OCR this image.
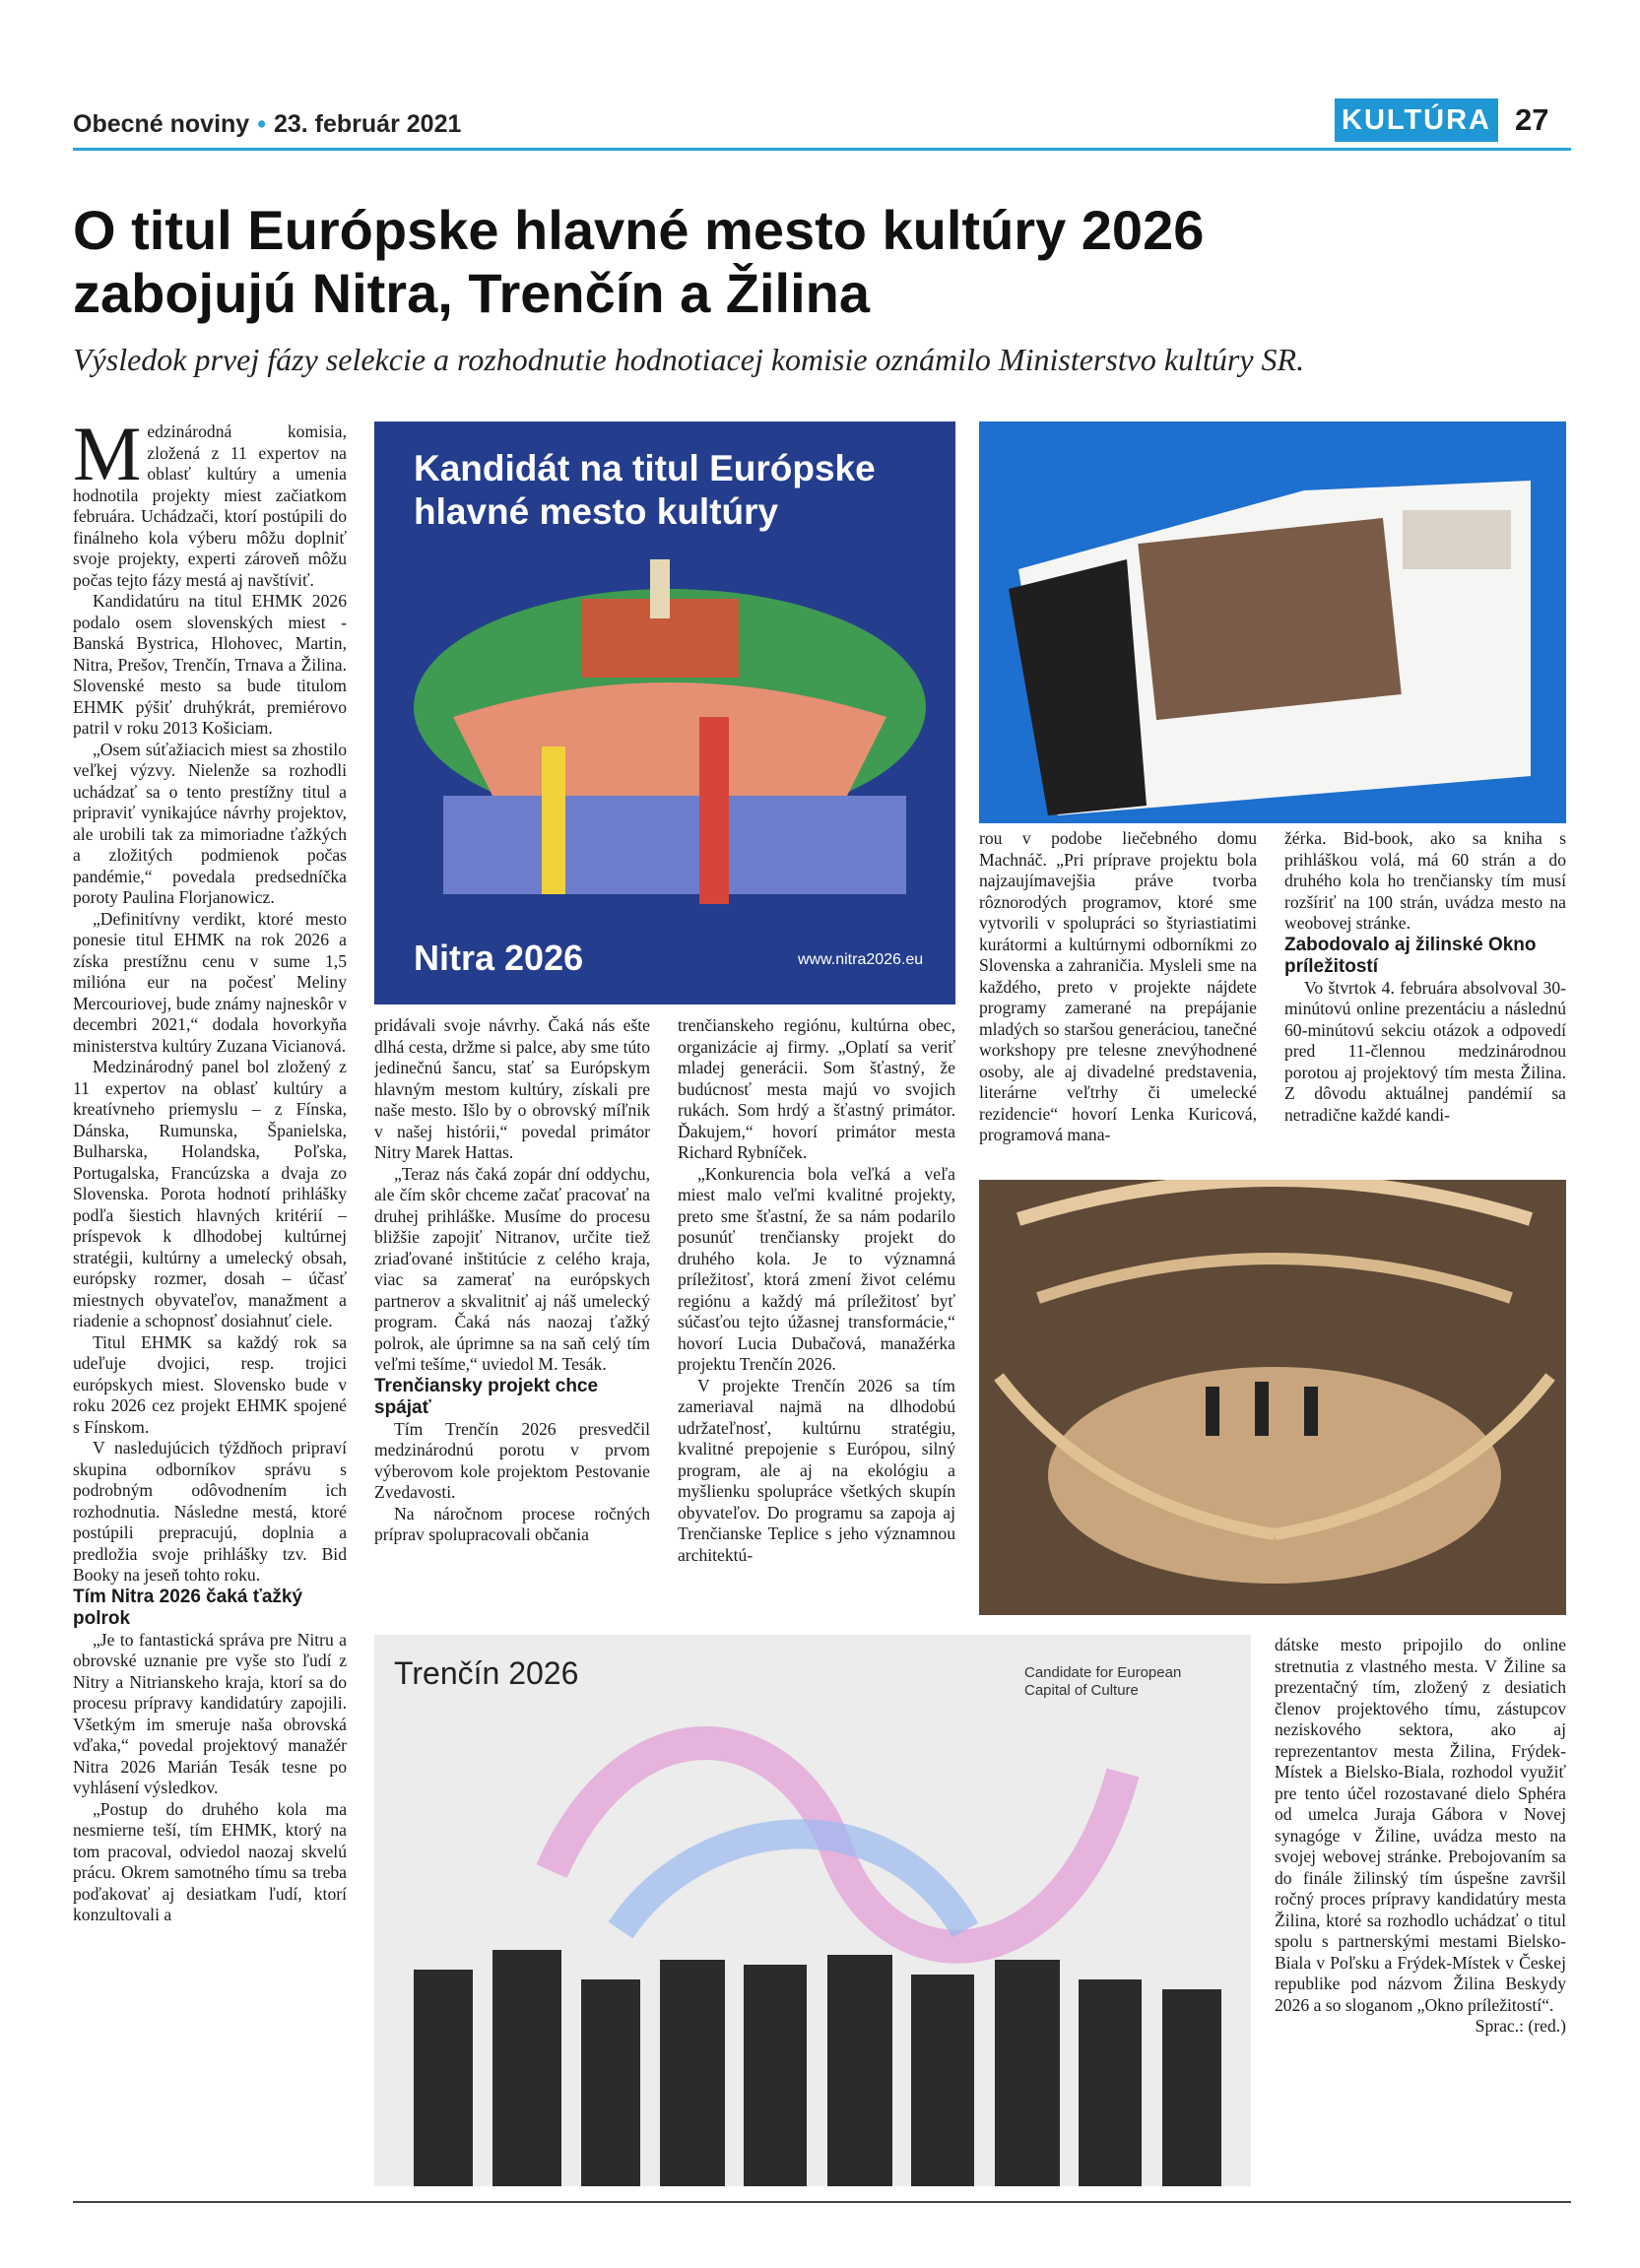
Obecné noviny • 23. február 2021	KULTÚRA 27
O titul Európske hlavné mesto kultúry 2026
zabojujú Nitra, Trenčín a Žilina
Výsledok prvej fázy selekcie a rozhodnutie hodnotiacej komisie oznámilo Ministerstvo kultúry SR.

Medzinárodná komisia, zložená z 11 expertov na oblasť kultúry a umenia hodnotila projekty miest začiatkom februára. Uchádzači, ktorí postúpili do finálneho kola výberu môžu doplniť svoje projekty, experti zároveň môžu počas tejto fázy mestá aj navštíviť.

Kandidatúru na titul EHMK 2026 podalo osem slovenských miest - Banská Bystrica, Hlohovec, Martin, Nitra, Prešov, Trenčín, Trnava a Žilina. Slovenské mesto sa bude titulom EHMK pýšiť druhýkrát, premiérovo patril v roku 2013 Košiciam.

„Osem súťažiacich miest sa zhostilo veľkej výzvy. Nielenže sa rozhodli uchádzať sa o tento prestížny titul a pripraviť vynikajúce návrhy projektov, ale urobili tak za mimoriadne ťažkých a zložitých podmienok počas pandémie,“ povedala predsedníčka poroty Paulina Florjanowicz.

„Definitívny verdikt, ktoré mesto ponesie titul EHMK na rok 2026 a získa prestížnu cenu v sume 1,5 milióna eur na počesť Meliny Mercouriovej, bude známy najneskôr v decembri 2021,“ dodala hovorkyňa ministerstva kultúry Zuzana Vicianová.

Medzinárodný panel bol zložený z 11 expertov na oblasť kultúry a kreatívneho priemyslu – z Fínska, Dánska, Rumunska, Španielska, Bulharska, Holandska, Poľska, Portugalska, Francúzska a dvaja zo Slovenska. Porota hodnotí prihlášky podľa šiestich hlavných kritérií – príspevok k dlhodobej kultúrnej stratégii, kultúrny a umelecký obsah, európsky rozmer, dosah – účasť miestnych obyvateľov, manažment a riadenie a schopnosť dosiahnuť ciele.

Titul EHMK sa každý rok sa udeľuje dvojici, resp. trojici európskych miest. Slovensko bude v roku 2026 cez projekt EHMK spojené s Fínskom.

V nasledujúcich týždňoch pripraví skupina odborníkov správu s podrobným odôvodnením ich rozhodnutia. Následne mestá, ktoré postúpili prepracujú, doplnia a predložia svoje prihlášky tzv. Bid Booky na jeseň tohto roku.

Tím Nitra 2026 čaká ťažký polrok

„Je to fantastická správa pre Nitru a obrovské uznanie pre vyše sto ľudí z Nitry a Nitrianskeho kraja, ktorí sa do procesu prípravy kandidatúry zapojili. Všetkým im smeruje naša obrovská vďaka,“ povedal projektový manažér Nitra 2026 Marián Tesák tesne po vyhlásení výsledkov.

„Postup do druhého kola ma nesmierne teší, tím EHMK, ktorý na tom pracoval, odviedol naozaj skvelú prácu. Okrem samotného tímu sa treba poďakovať aj desiatkam ľudí, ktorí konzultovali a

Kandidát na titul Európske hlavné mesto kultúry
Nitra 2026	www.nitra2026.eu

pridávali svoje návrhy. Čaká nás ešte dlhá cesta, držme si palce, aby sme túto jedinečnú šancu, stať sa Európskym hlavným mestom kultúry, získali pre naše mesto. Išlo by o obrovský míľnik v našej histórii,“ povedal primátor Nitry Marek Hattas.

„Teraz nás čaká zopár dní oddychu, ale čím skôr chceme začať pracovať na druhej prihláške. Musíme do procesu bližšie zapojiť Nitranov, určite tiež zriaďované inštitúcie z celého kraja, viac sa zamerať na európskych partnerov a skvalitniť aj náš umelecký program. Čaká nás naozaj ťažký polrok, ale úprimne sa na saň celý tím veľmi tešíme,“ uviedol M. Tesák.

Trenčiansky projekt chce spájať

Tím Trenčín 2026 presvedčil medzinárodnú porotu v prvom výberovom kole projektom Pestovanie Zvedavosti.

Na náročnom procese ročných príprav spolupracovali občania

trenčianskeho regiónu, kultúrna obec, organizácie aj firmy. „Oplatí sa veriť mladej generácii. Som šťastný, že budúcnosť mesta majú vo svojich rukách. Som hrdý a šťastný primátor. Ďakujem,“ hovorí primátor mesta Richard Rybníček.

„Konkurencia bola veľká a veľa miest malo veľmi kvalitné projekty, preto sme šťastní, že sa nám podarilo posunúť trenčiansky projekt do druhého kola. Je to významná príležitosť, ktorá zmení život celému regiónu a každý má príležitosť byť súčasťou tejto úžasnej transformácie,“ hovorí Lucia Dubačová, manažérka projektu Trenčín 2026.

V projekte Trenčín 2026 sa tím zameriaval najmä na dlhodobú udržateľnosť, kultúrnu stratégiu, kvalitné prepojenie s Európou, silný program, ale aj na ekológiu a myšlienku spolupráce všetkých skupín obyvateľov. Do programu sa zapoja aj Trenčianske Teplice s jeho významnou architektú-

rou v podobe liečebného domu Machnáč. „Pri príprave projektu bola najzaujímavejšia práve tvorba rôznorodých programov, ktoré sme vytvorili v spolupráci so štyriastiatimi kurátormi a kultúrnymi odborníkmi zo Slovenska a zahraničia. Mysleli sme na každého, preto v projekte nájdete programy zamerané na prepájanie mladých so staršou generáciou, tanečné workshopy pre telesne znevýhodnené osoby, ale aj divadelné predstavenia, literárne veľtrhy či umelecké rezidencie“ hovorí Lenka Kuricová, programová mana-

žérka. Bid-book, ako sa kniha s prihláškou volá, má 60 strán a do druhého kola ho trenčiansky tím musí rozšíriť na 100 strán, uvádza mesto na weobovej stránke.

Zabodovalo aj žilinské Okno príležitostí

Vo štvrtok 4. februára absolvoval 30-minútovú online prezentáciu a následnú 60-minútovú sekciu otázok a odpovedí pred 11-člennou medzinárodnou porotou aj projektový tím mesta Žilina. Z dôvodu aktuálnej pandémií sa netradične každé kandi-

dátske mesto pripojilo do online stretnutia z vlastného mesta. V Žiline sa prezentačný tím, zložený z desiatich členov projektového tímu, zástupcov neziskového sektora, ako aj reprezentantov mesta Žilina, Frýdek-Místek a Bielsko-Biala, rozhodol využiť pre tento účel rozostavané dielo Sphéra od umelca Juraja Gábora v Novej synagóge v Žiline, uvádza mesto na svojej webovej stránke. Prebojovaním sa do finále žilinský tím úspešne završil ročný proces prípravy kandidatúry mesta Žilina, ktoré sa rozhodlo uchádzať o titul spolu s partnerskými mestami Bielsko-Biala v Poľsku a Frýdek-Místek v Českej republike pod názvom Žilina Beskydy 2026 a so sloganom „Okno príležitostí“.

Sprac.: (red.)

Trenčín 2026	Candidate for European Capital of Culture
